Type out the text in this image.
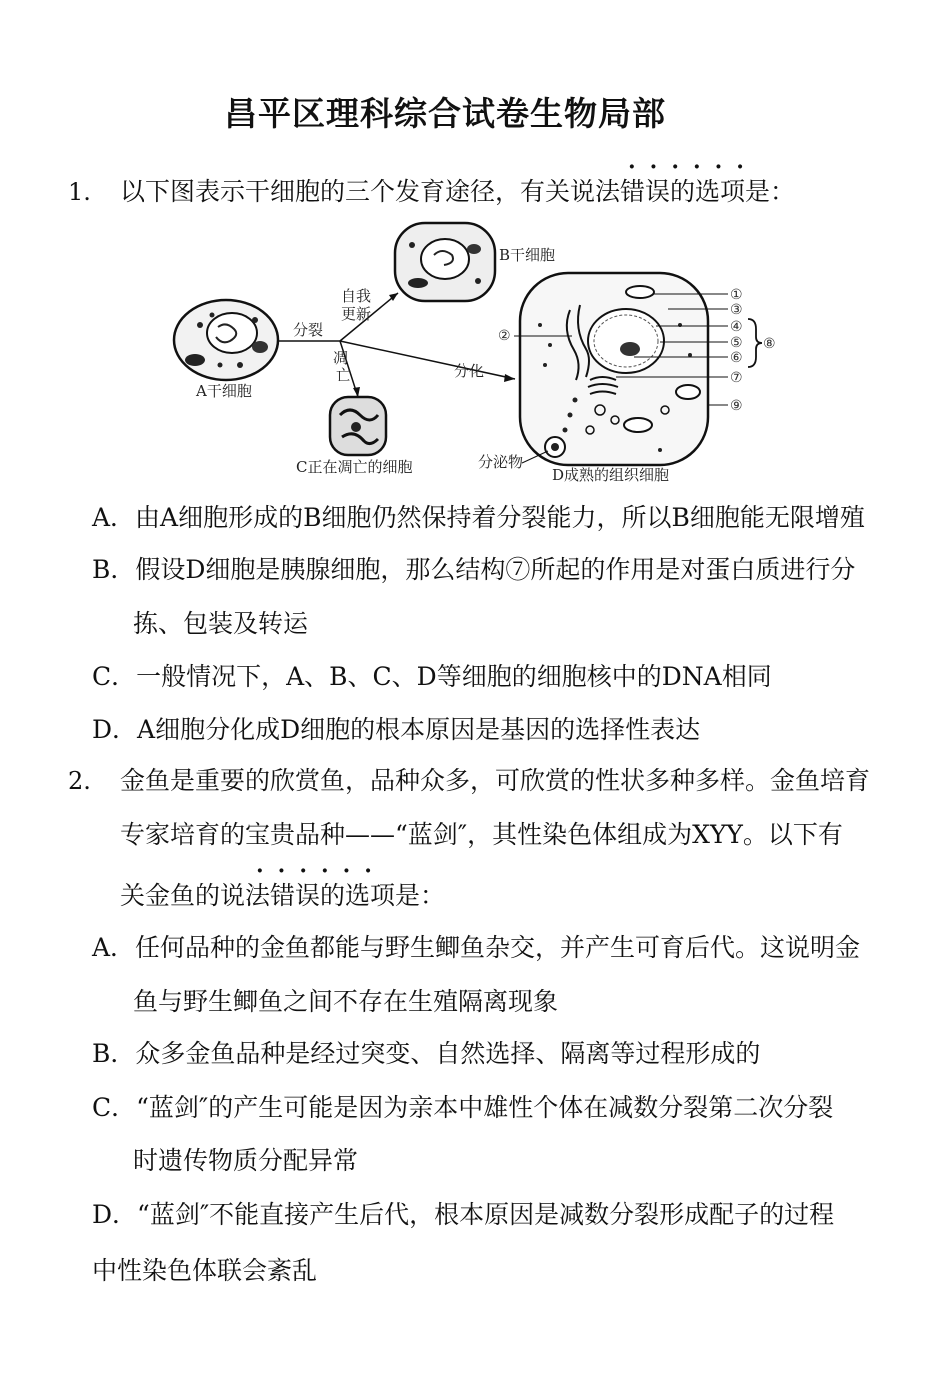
昌平区理科综合试卷生物局部
1.
······
以下图表示干细胞的三个发育途径，有关说法错误的选项是：
A干细胞
分裂
自我
更新
凋
亡	分化
B干细胞
C正在凋亡的细胞	分泌物
D成熟的组织细胞
①
③
④
⑤
⑥
⑦
⑨
②	⑧
A．由A细胞形成的B细胞仍然保持着分裂能力，所以B细胞能无限增殖
B．假设D细胞是胰腺细胞，那么结构⑦所起的作用是对蛋白质进行分
拣、包装及转运
C．一般情况下，A、B、C、D等细胞的细胞核中的DNA相同
D．A细胞分化成D细胞的根本原因是基因的选择性表达
2. 金鱼是重要的欣赏鱼，品种众多，可欣赏的性状多种多样。金鱼培育
专家培育的宝贵品种——“蓝剑″，其性染色体组成为XYY。以下有
······
关金鱼的说法错误的选项是：
A．任何品种的金鱼都能与野生鲫鱼杂交，并产生可育后代。这说明金
鱼与野生鲫鱼之间不存在生殖隔离现象
B．众多金鱼品种是经过突变、自然选择、隔离等过程形成的
C．“蓝剑″的产生可能是因为亲本中雄性个体在减数分裂第二次分裂
时遗传物质分配异常
D．“蓝剑″不能直接产生后代，根本原因是减数分裂形成配子的过程
中性染色体联会紊乱
